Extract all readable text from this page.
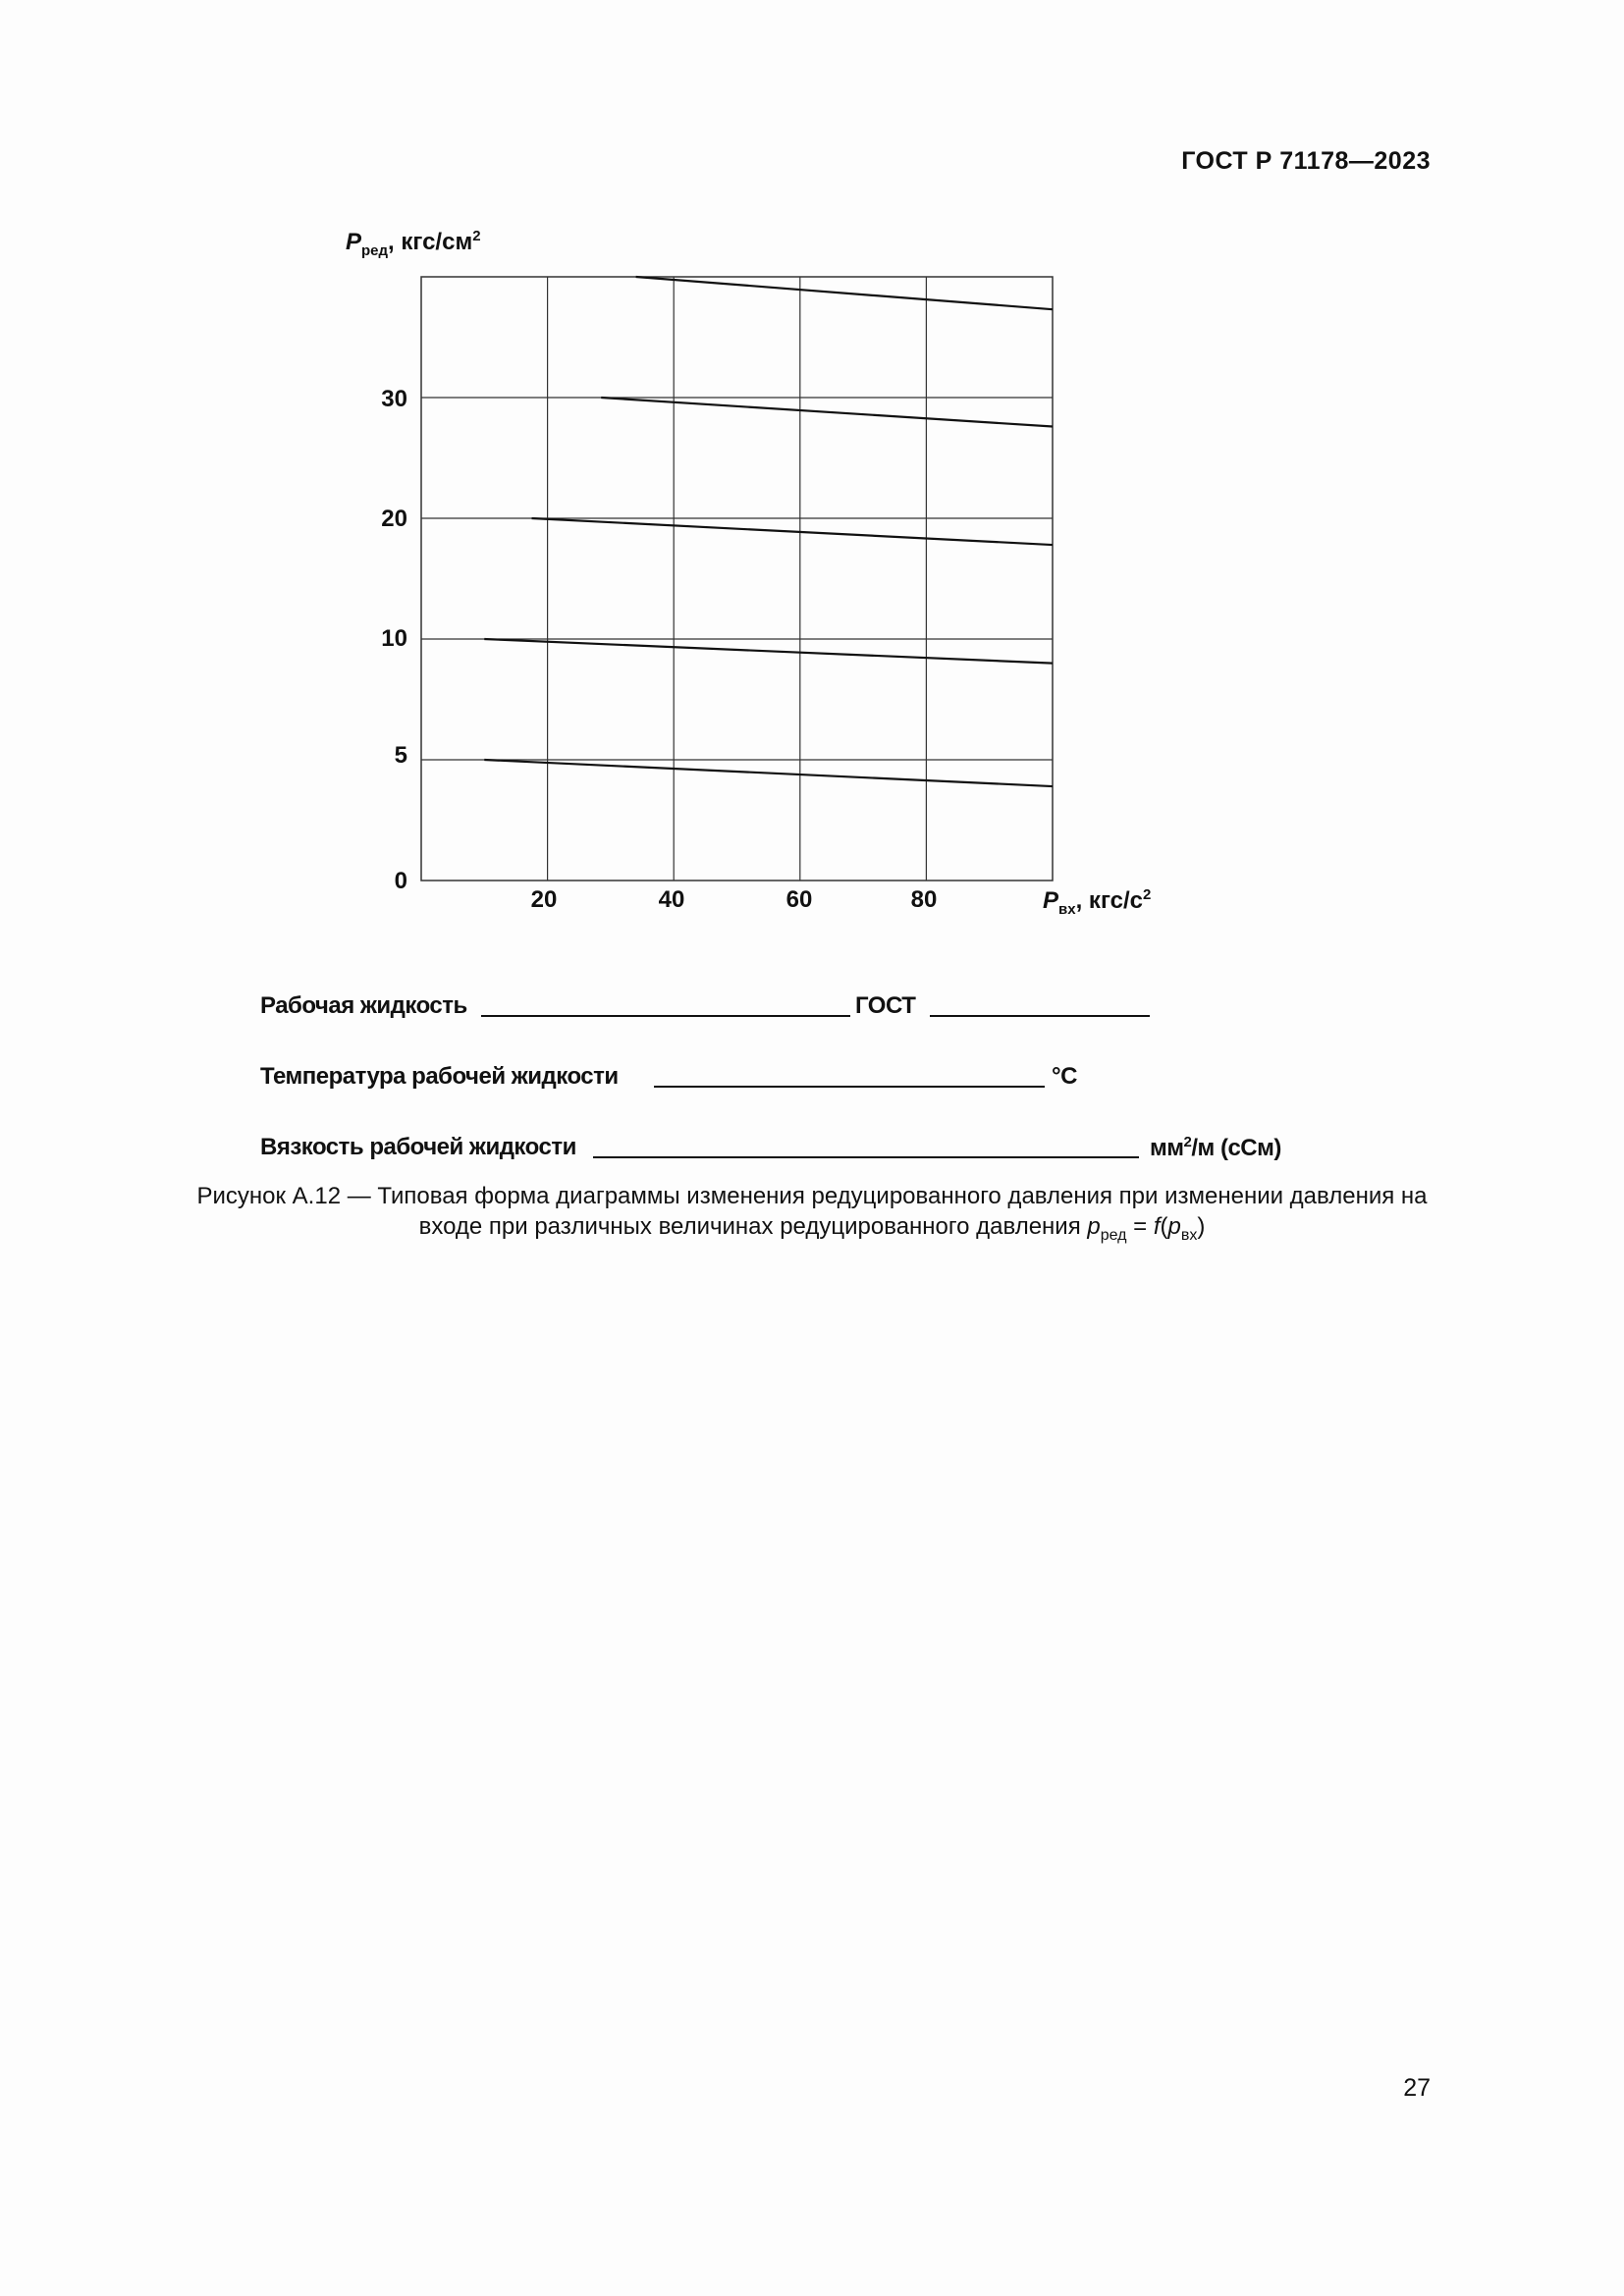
ГОСТ Р 71178—2023
$P_{ред}$, кгс/$см^2$
0
5
10
20
30
20	40	60	80	$P_{вх}$, кгс/$с^2$
Рабочая жидкость	ГОСТ
Температура рабочей жидкости	°C
Вязкость рабочей жидкости	$мм^2/м$ (сСм)
Рисунок А.12 — Типовая форма диаграммы изменения редуцированного давления при изменении давления на
входе при различных величинах редуцированного давления $p_{ред} = f(p_{вх})$
27
